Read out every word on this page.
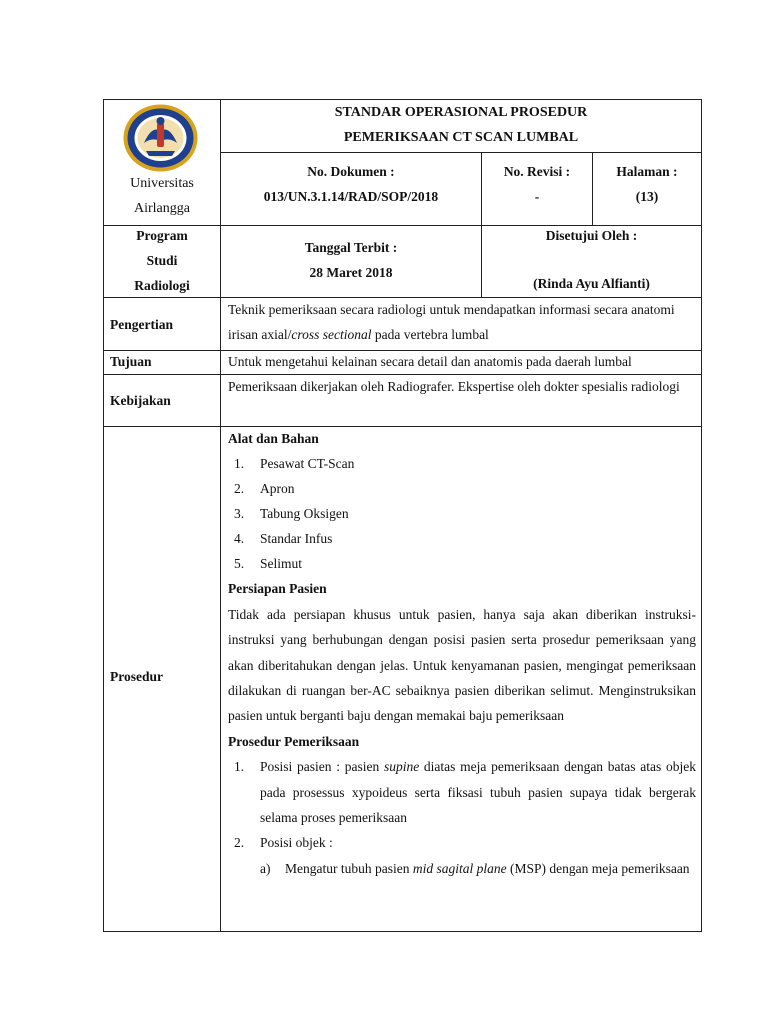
Universitas
Airlangga
STANDAR OPERASIONAL PROSEDUR
PEMERIKSAAN CT SCAN LUMBAL
No. Dokumen :
013/UN.3.1.14/RAD/SOP/2018
No. Revisi :
-
Halaman :
(13)
Program
Studi
Radiologi
Tanggal Terbit :
28 Maret 2018
Disetujui Oleh :
(Rinda Ayu Alfianti)
Pengertian
Teknik pemeriksaan secara radiologi untuk mendapatkan informasi secara anatomi irisan axial/cross sectional pada vertebra lumbal
Tujuan	Untuk mengetahui kelainan secara detail dan anatomis pada daerah lumbal
Kebijakan
Pemeriksaan dikerjakan oleh Radiografer. Ekspertise oleh dokter spesialis radiologi
Prosedur
Alat dan Bahan
1. Pesawat CT-Scan
2. Apron
3. Tabung Oksigen
4. Standar Infus
5. Selimut
Persiapan Pasien
Tidak ada persiapan khusus untuk pasien, hanya saja akan diberikan instruksi-instruksi yang berhubungan dengan posisi pasien serta prosedur pemeriksaan yang akan diberitahukan dengan jelas. Untuk kenyamanan pasien, mengingat pemeriksaan dilakukan di ruangan ber-AC sebaiknya pasien diberikan selimut. Menginstruksikan pasien untuk berganti baju dengan memakai baju pemeriksaan
Prosedur Pemeriksaan
1. Posisi pasien : pasien supine diatas meja pemeriksaan dengan batas atas objek pada prosessus xypoideus serta fiksasi tubuh pasien supaya tidak bergerak selama proses pemeriksaan
2. Posisi objek :
a) Mengatur tubuh pasien mid sagital plane (MSP) dengan meja pemeriksaan
